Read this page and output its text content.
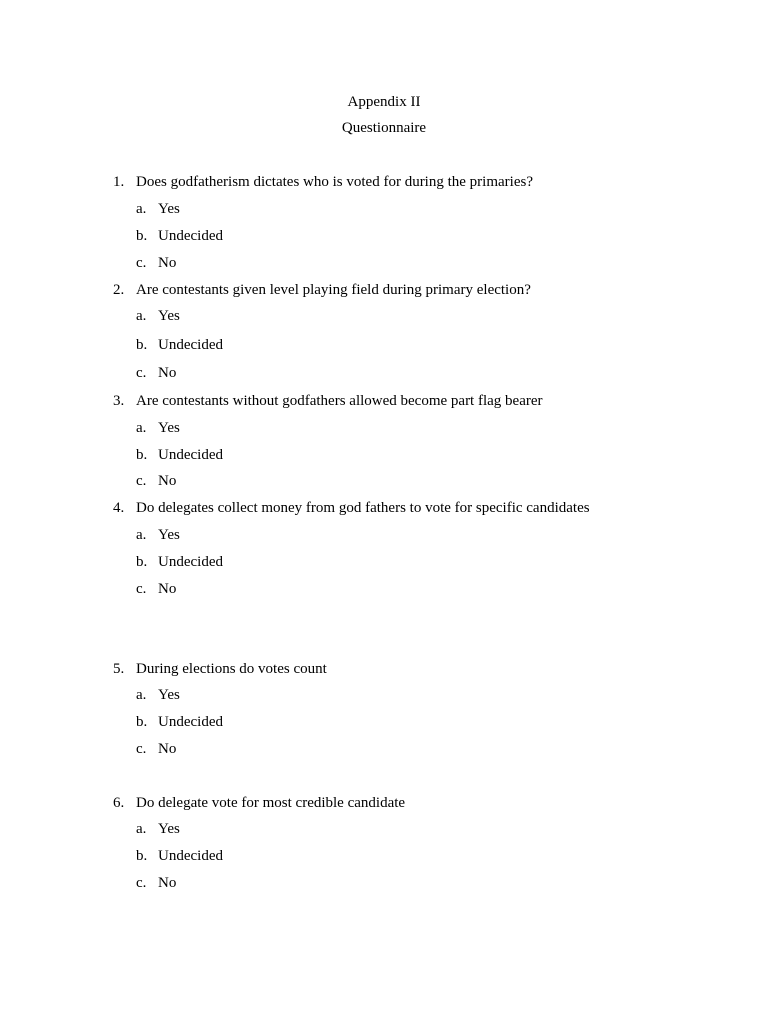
Appendix II
Questionnaire
1. Does godfatherism dictates who is voted for during the primaries?
a. Yes
b. Undecided
c. No
2. Are contestants given level playing field during primary election?
a. Yes
b. Undecided
c. No
3. Are contestants without godfathers allowed become part flag bearer
a. Yes
b. Undecided
c. No
4. Do delegates collect money from god fathers to vote for specific candidates
a. Yes
b. Undecided
c. No
5. During elections do votes count
a. Yes
b. Undecided
c. No
6. Do delegate vote for most credible candidate
a. Yes
b. Undecided
c. No
